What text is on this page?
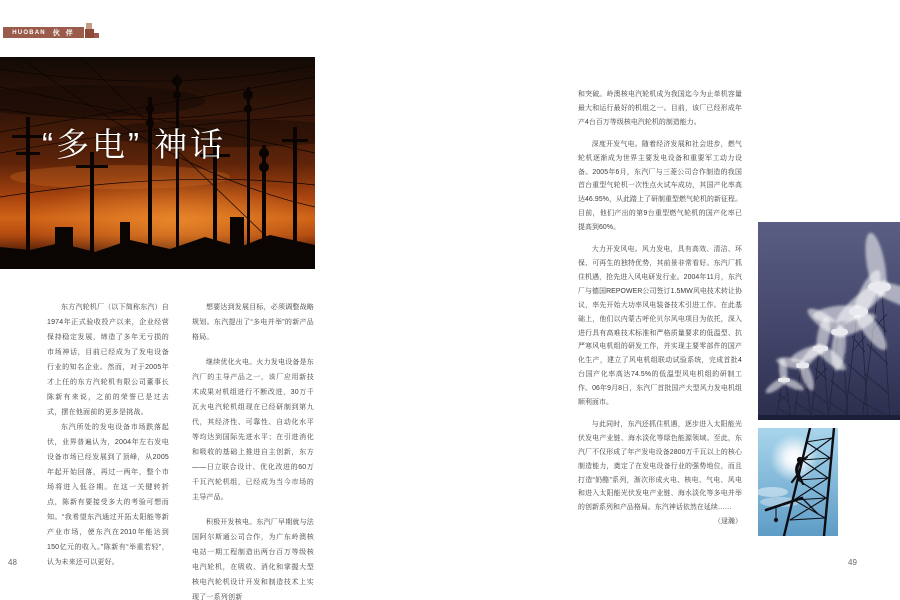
HUOBAN 伙 伴
“多电” 神话

东方汽轮机厂（以下简称东汽）自1974年正式验收投产以来，企业经营保持稳定发展，缔造了多年无亏损的市场神话，目前已经成为了发电设备行业的知名企业。然而，对于2005年才上任的东方汽轮机有限公司董事长陈新有来说，之前的荣誉已是过去式，摆在他面前的更多是挑战。

东汽所处的发电设备市场跌落起伏，业界普遍认为，2004年左右发电设备市场已经发展到了顶峰，从2005年起开始回落，再过一两年，整个市场将进入低谷期。在这一关键转折点，陈新有要接受多大的考验可想而知。“我希望东汽通过开拓太阳能等新产业市场，使东汽在2010年能达到150亿元的收入。”陈新有“举重若轻”，认为未来还可以更好。

想要达到发展目标，必须调整战略规划。东汽提出了“多电并举”的新产品格局。

继续优化火电。火力发电设备是东汽厂的主导产品之一，该厂应用新技术成果对机组进行不断改进，30万千瓦火电汽轮机组现在已经研制到第九代，其经济性、可靠性、自动化水平等均达到国际先进水平；在引进消化和吸收的基础上推进自主创新，东方——日立联合设计、优化改进的60万千瓦汽轮机组，已经成为当今市场的主导产品。

积极开发核电。东汽厂早期就与法国阿尔斯通公司合作，为广东岭澳核电站一期工程制造出两台百万等级核电汽轮机，在吸收、消化和掌握大型核电汽轮机设计开发和制造技术上实现了一系列创新

和突破。岭澳核电汽轮机成为我国迄今为止单机容量最大和运行最好的机组之一。目前，该厂已经形成年产4台百万等级核电汽轮机的制造能力。

深度开发气电。随着经济发展和社会进步，燃气轮机逐渐成为世界主要发电设备和重要军工动力设备。2005年6月，东汽厂与三菱公司合作制造的我国首台重型气轮机一次性点火试车成功，其国产化率高达46.95%，从此踏上了研制重型燃气轮机的新征程。目前，他们产出的第9台重型燃气轮机的国产化率已提高到60%。

大力开发风电。风力发电，具有高效、清洁、环保、可再生的独特优势，其前景非常看好。东汽厂抓住机遇，抢先进入风电研发行业。2004年11月，东汽厂与德国REPOWER公司签订1.5MW风电技术转让协议，率先开始大功率风电装备技术引进工作。在此基础上，他们以内蒙古呼伦贝尔风电项目为依托，深入进行具有高难技术标准和严格质量要求的低温型、抗严寒风电机组的研发工作，并实现主要零部件的国产化生产，建立了风电机组联动试验系统，完成首批4台国产化率高达74.5%的低温型风电机组的研制工作。06年9月8日，东汽厂首批国产大型风力发电机组顺利面市。

与此同时，东汽还抓住机遇，逐步进入太阳能光伏发电产业链、海水淡化等绿色能源领域。至此，东汽厂不仅形成了年产发电设备2800万千瓦以上的核心制造能力，奠定了在发电设备行业的强势地位，而且打造“奶酪”系列，渐次形成火电、核电、气电、风电和进入太阳能光伏发电产业链、海水淡化等多电并举的创新系列和产品格局。东汽神话依然在延续……
（逯瀚）

48	49
